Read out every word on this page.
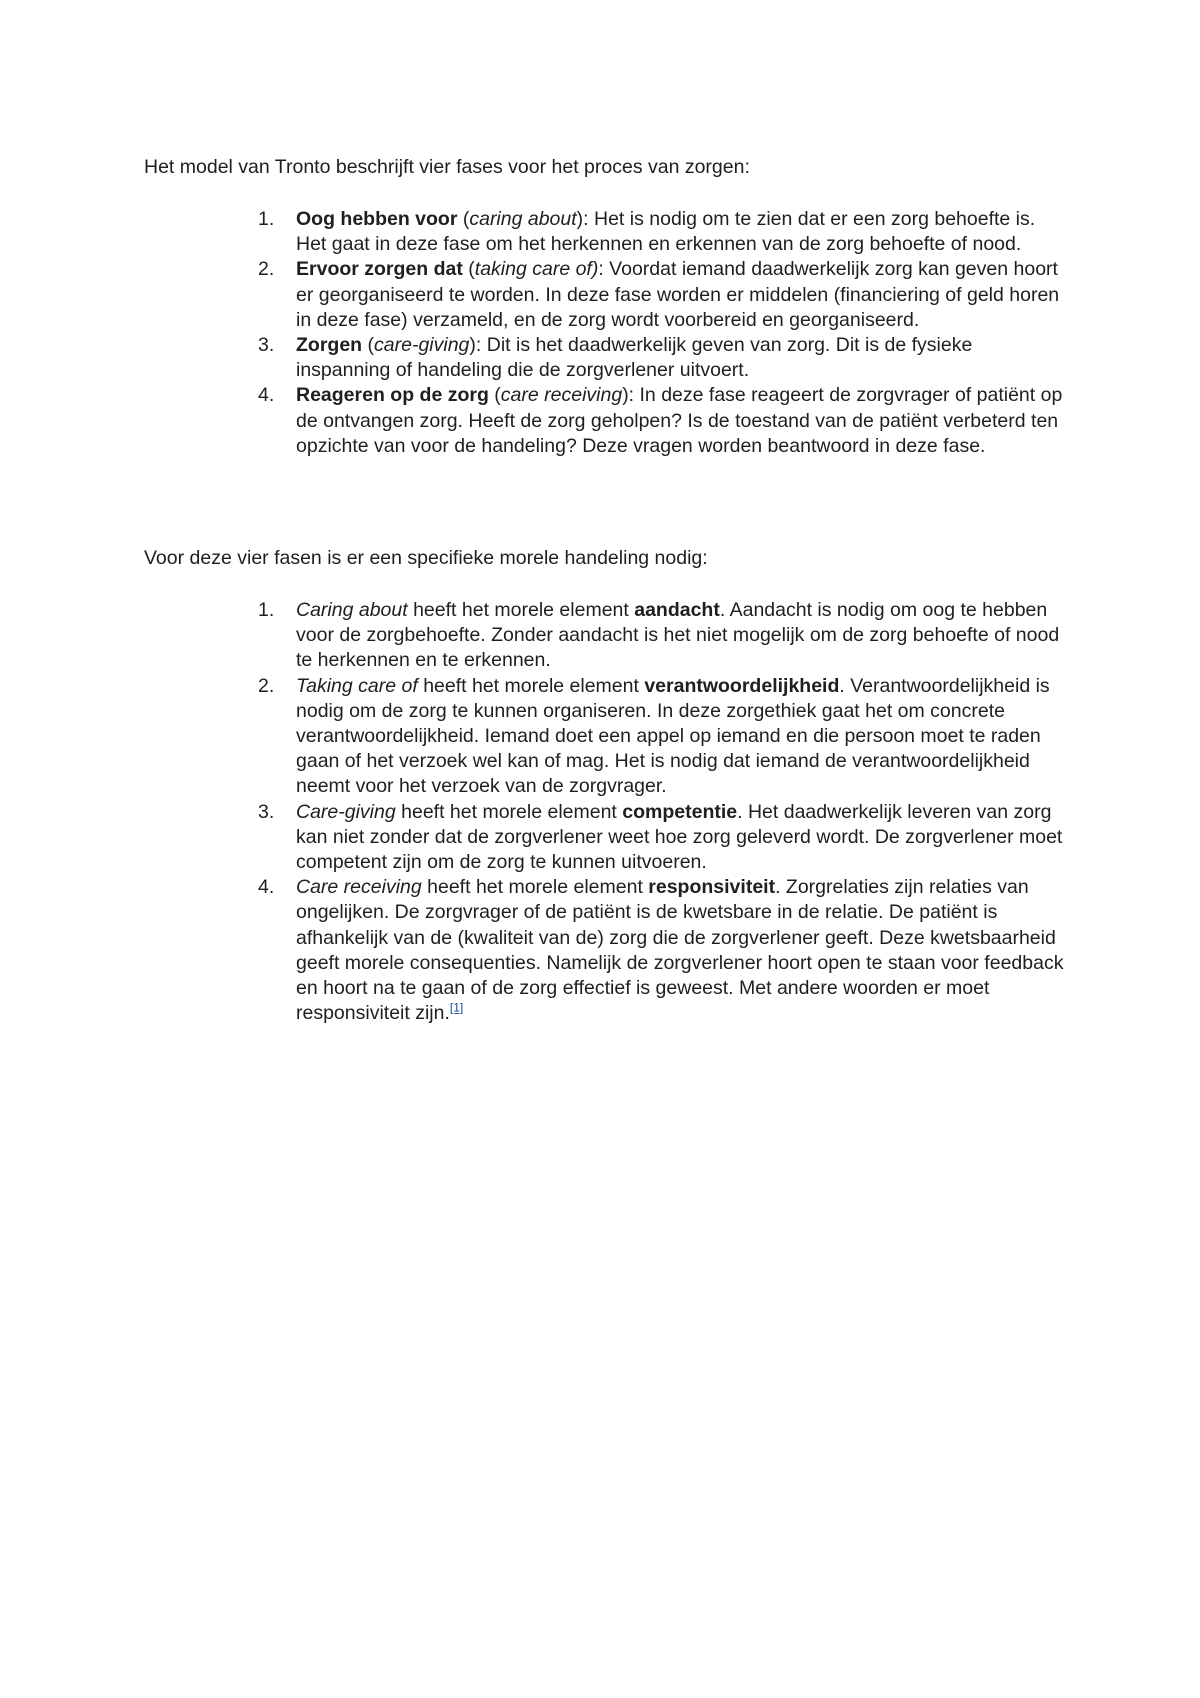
Het model van Tronto beschrijft vier fases voor het proces van zorgen:

1. Oog hebben voor (caring about): Het is nodig om te zien dat er een zorg behoefte is. Het gaat in deze fase om het herkennen en erkennen van de zorg behoefte of nood.
2. Ervoor zorgen dat (taking care of): Voordat iemand daadwerkelijk zorg kan geven hoort er georganiseerd te worden. In deze fase worden er middelen (financiering of geld horen in deze fase) verzameld, en de zorg wordt voorbereid en georganiseerd.
3. Zorgen (care-giving): Dit is het daadwerkelijk geven van zorg. Dit is de fysieke inspanning of handeling die de zorgverlener uitvoert.
4. Reageren op de zorg (care receiving): In deze fase reageert de zorgvrager of patiënt op de ontvangen zorg. Heeft de zorg geholpen? Is de toestand van de patiënt verbeterd ten opzichte van voor de handeling? Deze vragen worden beantwoord in deze fase.

Voor deze vier fasen is er een specifieke morele handeling nodig:

1. Caring about heeft het morele element aandacht. Aandacht is nodig om oog te hebben voor de zorgbehoefte. Zonder aandacht is het niet mogelijk om de zorg behoefte of nood te herkennen en te erkennen.
2. Taking care of heeft het morele element verantwoordelijkheid. Verantwoordelijkheid is nodig om de zorg te kunnen organiseren. In deze zorgethiek gaat het om concrete verantwoordelijkheid. Iemand doet een appel op iemand en die persoon moet te raden gaan of het verzoek wel kan of mag. Het is nodig dat iemand de verantwoordelijkheid neemt voor het verzoek van de zorgvrager.
3. Care-giving heeft het morele element competentie. Het daadwerkelijk leveren van zorg kan niet zonder dat de zorgverlener weet hoe zorg geleverd wordt. De zorgverlener moet competent zijn om de zorg te kunnen uitvoeren.
4. Care receiving heeft het morele element responsiviteit. Zorgrelaties zijn relaties van ongelijken. De zorgvrager of de patiënt is de kwetsbare in de relatie. De patiënt is afhankelijk van de (kwaliteit van de) zorg die de zorgverlener geeft. Deze kwetsbaarheid geeft morele consequenties. Namelijk de zorgverlener hoort open te staan voor feedback en hoort na te gaan of de zorg effectief is geweest. Met andere woorden er moet responsiviteit zijn.[1]
